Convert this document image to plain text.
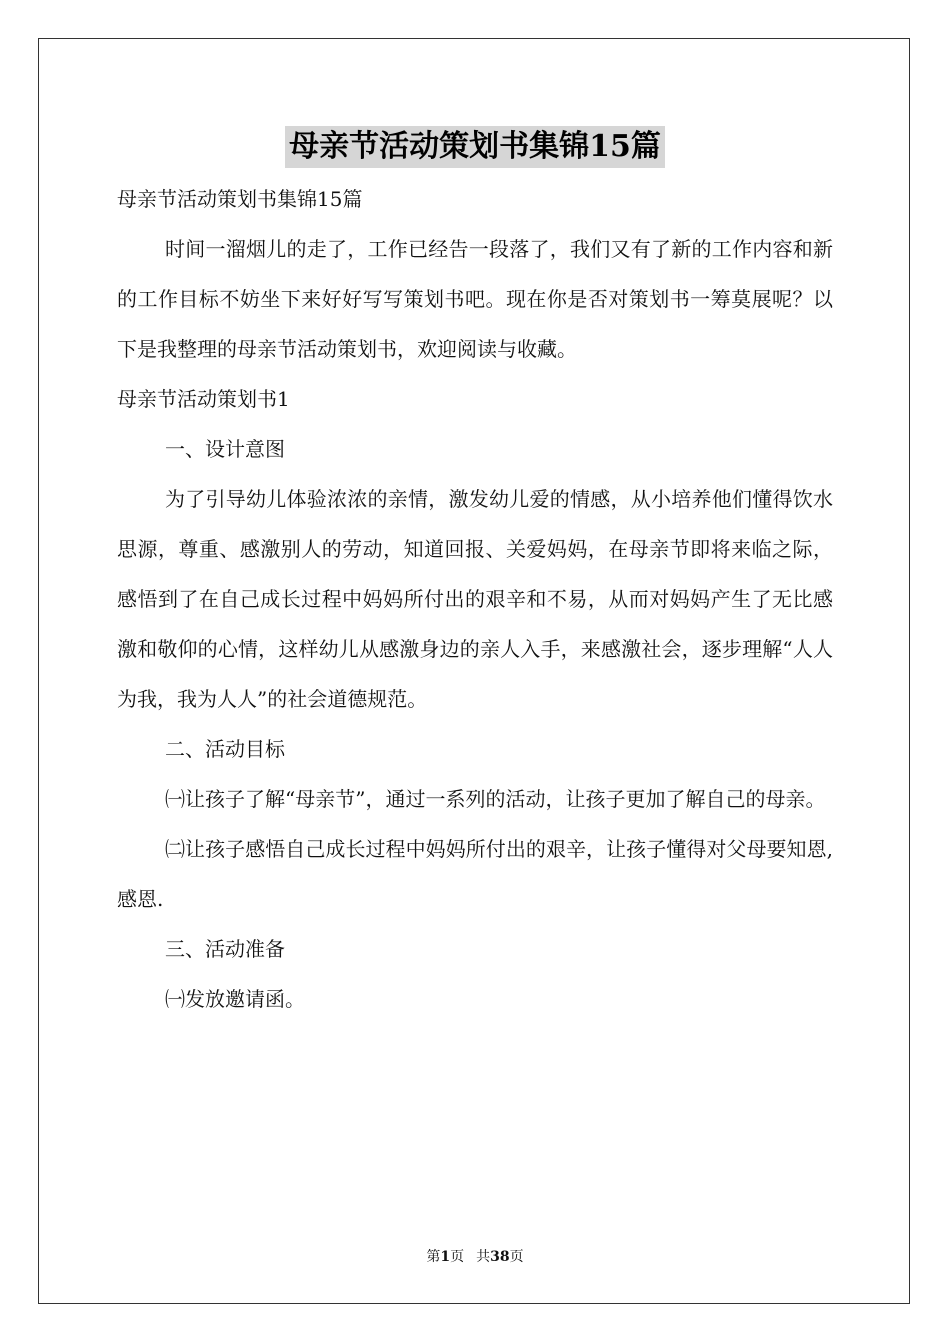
母亲节活动策划书集锦15篇

母亲节活动策划书集锦15篇

时间一溜烟儿的走了，工作已经告一段落了，我们又有了新的工作内容和新的工作目标不妨坐下来好好写写策划书吧。现在你是否对策划书一筹莫展呢？以下是我整理的母亲节活动策划书，欢迎阅读与收藏。

母亲节活动策划书1

一、设计意图

为了引导幼儿体验浓浓的亲情，激发幼儿爱的情感，从小培养他们懂得饮水思源，尊重、感激别人的劳动，知道回报、关爱妈妈，在母亲节即将来临之际，感悟到了在自己成长过程中妈妈所付出的艰辛和不易，从而对妈妈产生了无比感激和敬仰的心情，这样幼儿从感激身边的亲人入手，来感激社会，逐步理解“人人为我，我为人人”的社会道德规范。

二、活动目标

㈠让孩子了解“母亲节”，通过一系列的活动，让孩子更加了解自己的母亲。

㈡让孩子感悟自己成长过程中妈妈所付出的艰辛，让孩子懂得对父母要知恩,感恩.

三、活动准备

㈠发放邀请函。

第1页 共38页
